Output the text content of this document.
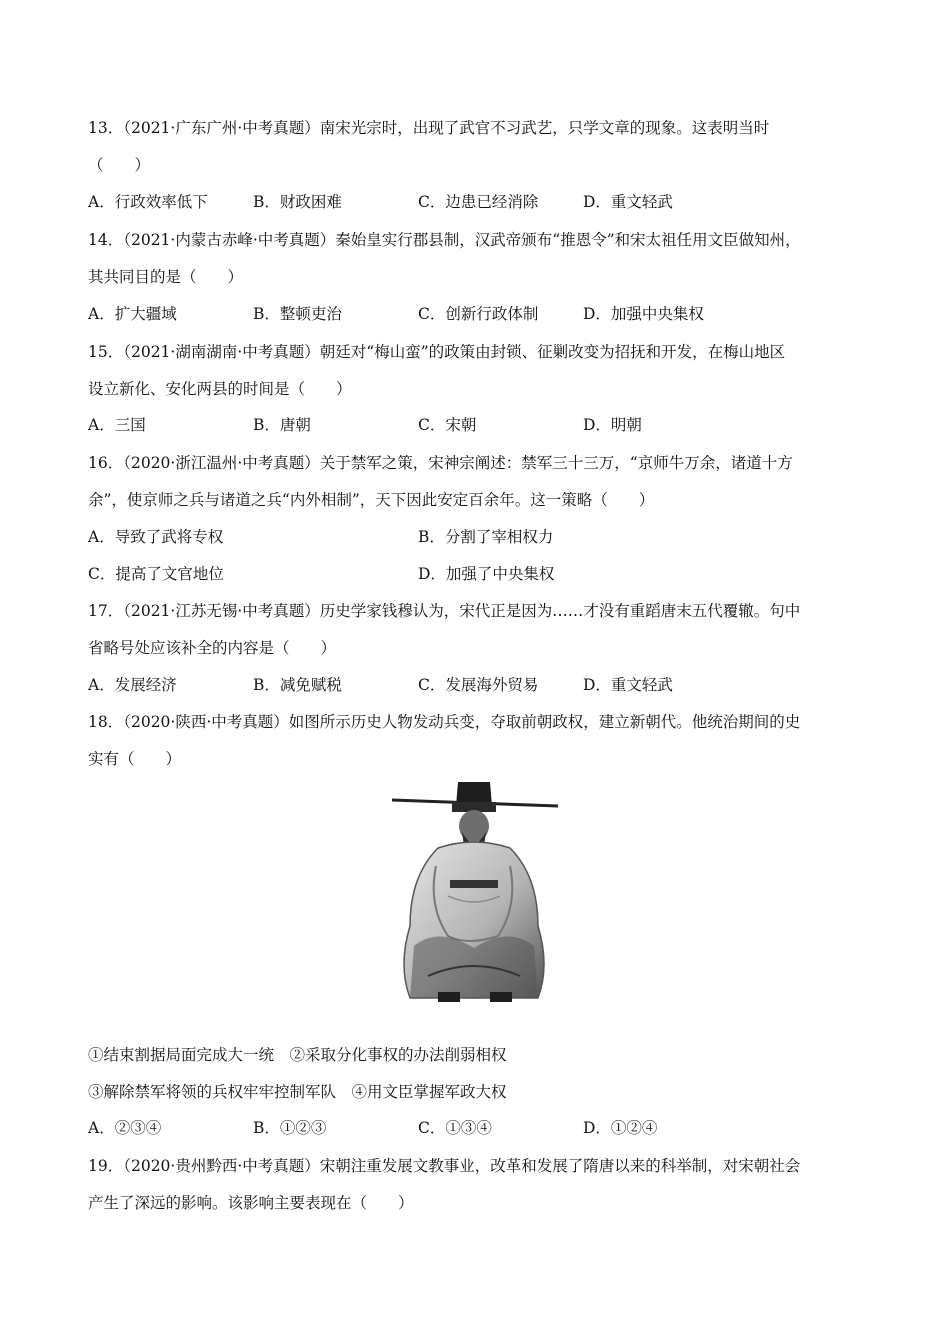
13．（2021·广东广州·中考真题）南宋光宗时，出现了武官不习武艺，只学文章的现象。这表明当时
（　　）
A．行政效率低下	B．财政困难	C．边患已经消除	D．重文轻武
14．（2021·内蒙古赤峰·中考真题）秦始皇实行郡县制，汉武帝颁布“推恩令”和宋太祖任用文臣做知州，
其共同目的是（　　）
A．扩大疆域	B．整顿吏治	C．创新行政体制	D．加强中央集权
15．（2021·湖南湖南·中考真题）朝廷对“梅山蛮”的政策由封锁、征剿改变为招抚和开发，在梅山地区
设立新化、安化两县的时间是（　　）
A．三国	B．唐朝	C．宋朝	D．明朝
16．（2020·浙江温州·中考真题）关于禁军之策，宋神宗阐述：禁军三十三万，“京师牛万余，诸道十方
余”，使京师之兵与诸道之兵“内外相制”，天下因此安定百余年。这一策略（　　）
A．导致了武将专权	B．分割了宰相权力
C．提高了文官地位	D．加强了中央集权
17．（2021·江苏无锡·中考真题）历史学家钱穆认为，宋代正是因为……才没有重蹈唐末五代覆辙。句中
省略号处应该补全的内容是（　　）
A．发展经济	B．减免赋税	C．发展海外贸易	D．重文轻武
18．（2020·陕西·中考真题）如图所示历史人物发动兵变，夺取前朝政权，建立新朝代。他统治期间的史
实有（　　）
①结束割据局面完成大一统　②采取分化事权的办法削弱相权
③解除禁军将领的兵权牢牢控制军队　④用文臣掌握军政大权
A．②③④	B．①②③	C．①③④	D．①②④
19．（2020·贵州黔西·中考真题）宋朝注重发展文教事业，改革和发展了隋唐以来的科举制，对宋朝社会
产生了深远的影响。该影响主要表现在（　　）
